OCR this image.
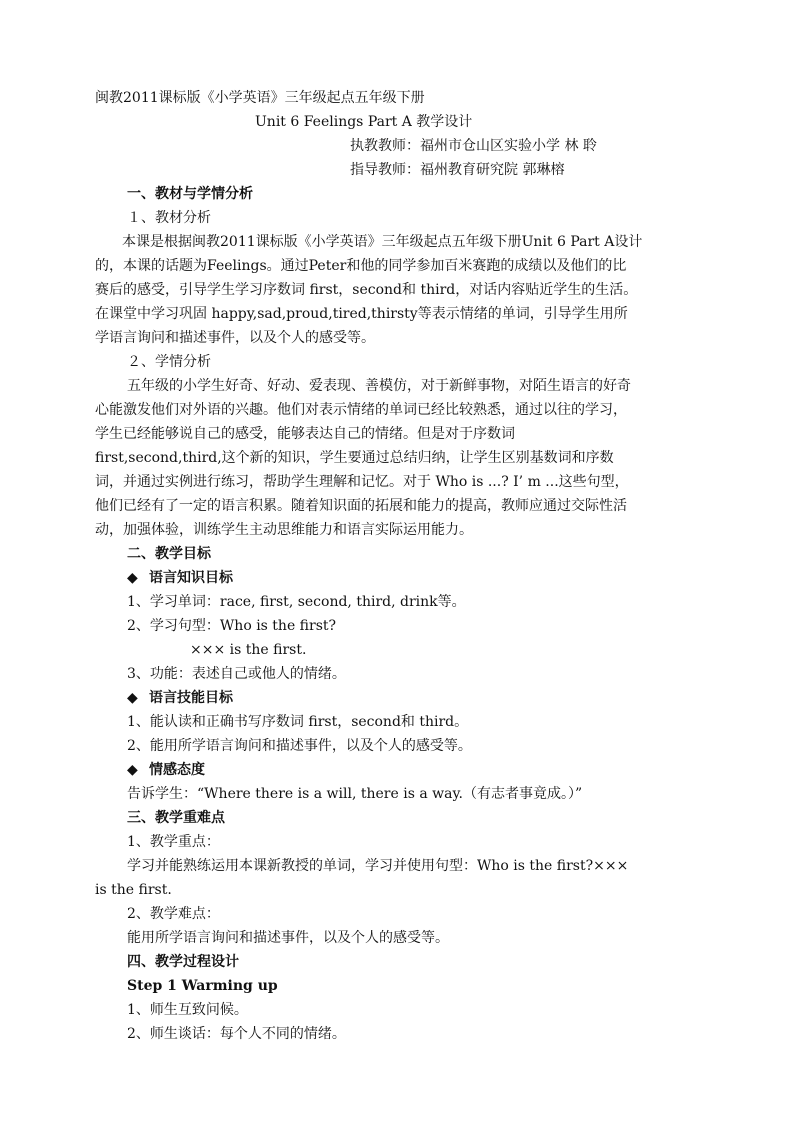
闽教2011课标版《小学英语》三年级起点五年级下册
Unit 6 Feelings Part A 教学设计
执教教师：福州市仓山区实验小学 林 聆
指导教师：福州教育研究院 郭琳榕
一、教材与学情分析
１、教材分析
本课是根据闽教2011课标版《小学英语》三年级起点五年级下册Unit 6 Part A设计
的，本课的话题为Feelings。通过Peter和他的同学参加百米赛跑的成绩以及他们的比
赛后的感受，引导学生学习序数词 first，second和 third，对话内容贴近学生的生活。
在课堂中学习巩固 happy,sad,proud,tired,thirsty等表示情绪的单词，引导学生用所
学语言询问和描述事件，以及个人的感受等。
２、学情分析
五年级的小学生好奇、好动、爱表现、善模仿，对于新鲜事物，对陌生语言的好奇
心能激发他们对外语的兴趣。他们对表示情绪的单词已经比较熟悉，通过以往的学习，
学生已经能够说自己的感受，能够表达自己的情绪。但是对于序数词
first,second,third,这个新的知识，学生要通过总结归纳，让学生区别基数词和序数
词，并通过实例进行练习，帮助学生理解和记忆。对于 Who is ...? I’ m ...这些句型，
他们已经有了一定的语言积累。随着知识面的拓展和能力的提高，教师应通过交际性活
动，加强体验，训练学生主动思维能力和语言实际运用能力。
二、教学目标
◆ 语言知识目标
1、学习单词：race, first, second, third, drink等。
2、学习句型：Who is the first?
××× is the first.
3、功能：表述自己或他人的情绪。
◆ 语言技能目标
1、能认读和正确书写序数词 first，second和 third。
2、能用所学语言询问和描述事件，以及个人的感受等。
◆ 情感态度
告诉学生：“Where there is a will, there is a way.（有志者事竟成。）”
三、教学重难点
1、教学重点：
学习并能熟练运用本课新教授的单词，学习并使用句型：Who is the first?×××
is the first.
2、教学难点：
能用所学语言询问和描述事件，以及个人的感受等。
四、教学过程设计
Step 1 Warming up
1、师生互致问候。
2、师生谈话：每个人不同的情绪。
